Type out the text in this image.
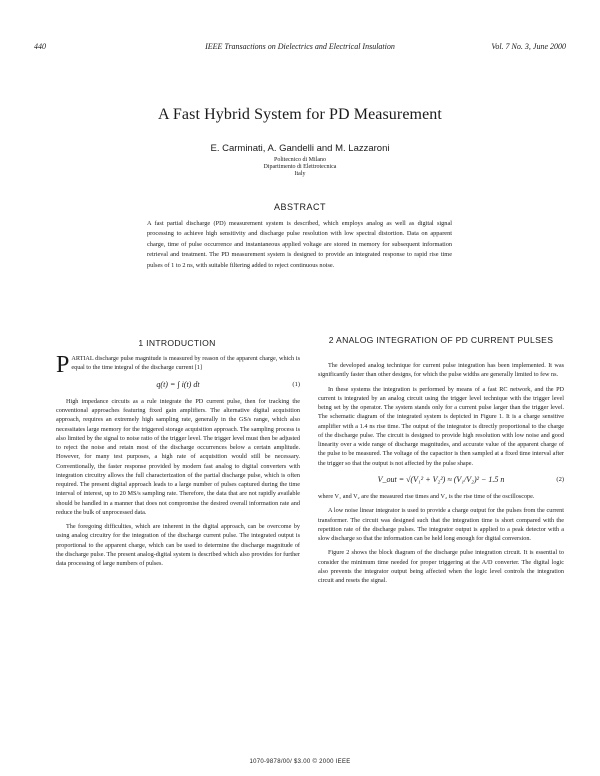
440	IEEE Transactions on Dielectrics and Electrical Insulation	Vol. 7 No. 3, June 2000
A Fast Hybrid System for PD Measurement
E. Carminati, A. Gandelli and M. Lazzaroni
Politecnico di Milano
Dipartimento di Elettrotecnica
Italy
ABSTRACT
A fast partial discharge (PD) measurement system is described, which employs analog as well as digital signal processing to achieve high sensitivity and discharge pulse resolution with low spectral distortion. Data on apparent charge, time of pulse occurrence and instantaneous applied voltage are stored in memory for subsequent information retrieval and treatment. The PD measurement system is designed to provide an integrated response to rapid rise time pulses of 1 to 2 ns, with suitable filtering added to reject continuous noise.
1 INTRODUCTION	2 ANALOG INTEGRATION OF PD CURRENT PULSES

PARTIAL discharge pulse magnitude is measured by reason of the apparent charge, which is equal to the time integral of the discharge current [1]

q(t) = ∫ i(t) dt	(1)

High impedance circuits as a rule integrate the PD current pulse, then for tracking the conventional approaches featuring fixed gain amplifiers. The alternative digital acquisition approach, requires an extremely high sampling rate, generally in the GS/s range, which also necessitates large memory for the triggered storage acquisition approach. The sampling process is also limited by the signal to noise ratio of the trigger level. The trigger level must then be adjusted to reject the noise and retain most of the discharge occurrences below a certain amplitude. However, for many test purposes, a high rate of acquisition would still be necessary. Conventionally, the faster response provided by modern fast analog to digital converters with integration circuitry allows the full characterization of the partial discharge pulse, which is often required. The present digital approach leads to a large number of pulses captured during the time interval of interest, up to 20 MS/s sampling rate. Therefore, the data that are not rapidly available should be handled in a manner that does not compromise the desired overall information rate and reduce the bulk of unprocessed data.

The foregoing difficulties, which are inherent in the digital approach, can be overcome by using analog circuitry for the integration of the discharge current pulse. The integrated output is proportional to the apparent charge, which can be used to determine the discharge magnitude of the discharge pulse. The present analog-digital system is described which also provides for further data processing of large numbers of pulses.

The developed analog technique for current pulse integration has been implemented. It was significantly faster than other designs, for which the pulse widths are generally limited to few ns.

In these systems the integration is performed by means of a fast RC network, and the PD current is integrated by an analog circuit using the trigger level technique with the trigger level being set by the operator. The system stands only for a current pulse larger than the trigger level. The schematic diagram of the integrated system is depicted in Figure 1. It is a charge sensitive amplifier with a 1.4 ns rise time. The output of the integrator is directly proportional to the charge of the discharge pulse. The circuit is designed to provide high resolution with low noise and good linearity over a wide range of discharge magnitudes, and accurate value of the apparent charge of the pulse to be measured. The voltage of the capacitor is then sampled at a fixed time interval after the trigger so that the output is not affected by the pulse shape.

V_out = √(V₁² + V₂²) ≈ (V₁/V₂)² − 1.5 n	(2)

where V₁ and V₂ are the measured rise times and V₂ is the rise time of the oscilloscope.

A low noise linear integrator is used to provide a charge output for the pulses from the current transformer. The circuit was designed such that the integration time is short compared with the repetition rate of the discharge pulses. The integrator output is applied to a peak detector with a slow discharge so that the information can be held long enough for digital conversion.

Figure 2 shows the block diagram of the discharge pulse integration circuit. It is essential to consider the minimum time needed for proper triggering at the A/D converter. The digital logic also prevents the integrator output being affected when the logic level controls the integration circuit and resets the signal.

1070-9878/00/ $3.00 © 2000 IEEE
